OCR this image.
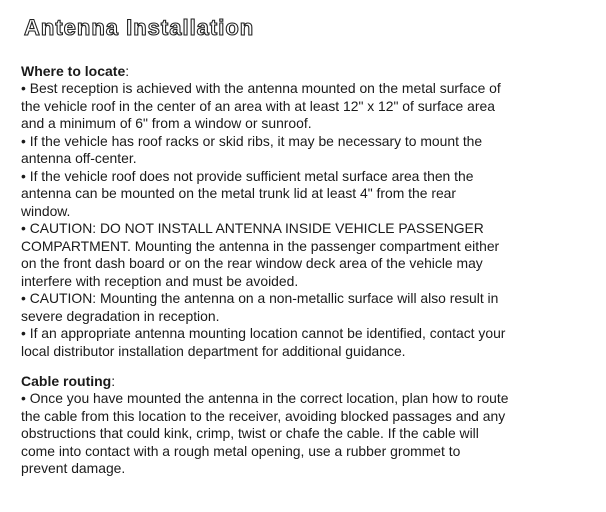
Antenna Installation

Where to locate:

• Best reception is achieved with the antenna mounted on the metal surface of

the vehicle roof in the center of an area with at least 12" x 12" of surface area

and a minimum of 6" from a window or sunroof.

• If the vehicle has roof racks or skid ribs, it may be necessary to mount the

antenna off-center.

• If the vehicle roof does not provide sufficient metal surface area then the

antenna can be mounted on the metal trunk lid at least 4" from the rear

window.

• CAUTION: DO NOT INSTALL ANTENNA INSIDE VEHICLE PASSENGER

COMPARTMENT. Mounting the antenna in the passenger compartment either

on the front dash board or on the rear window deck area of the vehicle may

interfere with reception and must be avoided.

• CAUTION: Mounting the antenna on a non-metallic surface will also result in

severe degradation in reception.

• If an appropriate antenna mounting location cannot be identified, contact your

local distributor installation department for additional guidance.

Cable routing:

• Once you have mounted the antenna in the correct location, plan how to route

the cable from this location to the receiver, avoiding blocked passages and any

obstructions that could kink, crimp, twist or chafe the cable. If the cable will

come into contact with a rough metal opening, use a rubber grommet to

prevent damage.
